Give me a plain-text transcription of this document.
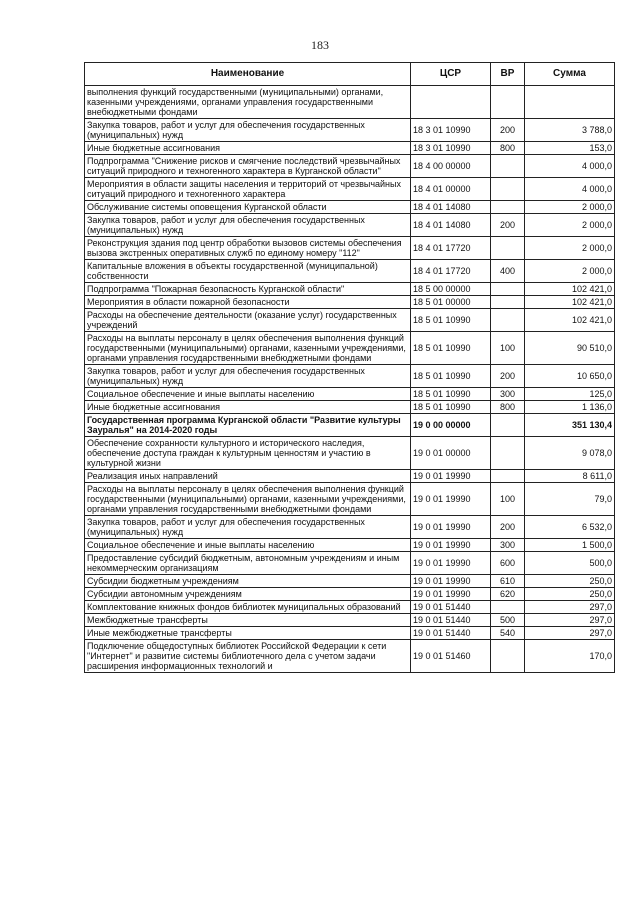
183
Наименование	ЦСР	ВР	Сумма
выполнения функций государственными (муниципальными) органами, казенными учреждениями, органами управления государственными внебюджетными фондами			
Закупка товаров, работ и услуг для обеспечения государственных (муниципальных) нужд	18 3 01 10990	200	3 788,0
Иные бюджетные ассигнования	18 3 01 10990	800	153,0
Подпрограмма "Снижение рисков и смягчение последствий чрезвычайных ситуаций природного и техногенного характера в Курганской области"	18 4 00 00000		4 000,0
Мероприятия в области защиты населения и территорий от чрезвычайных ситуаций природного и техногенного характера	18 4 01 00000		4 000,0
Обслуживание системы оповещения Курганской области	18 4 01 14080		2 000,0
Закупка товаров, работ и услуг для обеспечения государственных (муниципальных) нужд	18 4 01 14080	200	2 000,0
Реконструкция здания под центр обработки вызовов системы обеспечения вызова экстренных оперативных служб по единому номеру "112"	18 4 01 17720		2 000,0
Капитальные вложения в объекты государственной (муниципальной) собственности	18 4 01 17720	400	2 000,0
Подпрограмма "Пожарная безопасность Курганской области"	18 5 00 00000		102 421,0
Мероприятия в области пожарной безопасности	18 5 01 00000		102 421,0
Расходы на обеспечение деятельности (оказание услуг) государственных учреждений	18 5 01 10990		102 421,0
Расходы на выплаты персоналу в целях обеспечения выполнения функций государственными (муниципальными) органами, казенными учреждениями, органами управления государственными внебюджетными фондами	18 5 01 10990	100	90 510,0
Закупка товаров, работ и услуг для обеспечения государственных (муниципальных) нужд	18 5 01 10990	200	10 650,0
Социальное обеспечение и иные выплаты населению	18 5 01 10990	300	125,0
Иные бюджетные ассигнования	18 5 01 10990	800	1 136,0
Государственная программа Курганской области "Развитие культуры Зауралья" на 2014-2020 годы	19 0 00 00000		351 130,4
Обеспечение сохранности культурного и исторического наследия, обеспечение доступа граждан к культурным ценностям и участию в культурной жизни	19 0 01 00000		9 078,0
Реализация иных направлений	19 0 01 19990		8 611,0
Расходы на выплаты персоналу в целях обеспечения выполнения функций государственными (муниципальными) органами, казенными учреждениями, органами управления государственными внебюджетными фондами	19 0 01 19990	100	79,0
Закупка товаров, работ и услуг для обеспечения государственных (муниципальных) нужд	19 0 01 19990	200	6 532,0
Социальное обеспечение и иные выплаты населению	19 0 01 19990	300	1 500,0
Предоставление субсидий бюджетным, автономным учреждениям и иным некоммерческим организациям	19 0 01 19990	600	500,0
Субсидии бюджетным учреждениям	19 0 01 19990	610	250,0
Субсидии автономным учреждениям	19 0 01 19990	620	250,0
Комплектование книжных фондов библиотек муниципальных образований	19 0 01 51440		297,0
Межбюджетные трансферты	19 0 01 51440	500	297,0
Иные межбюджетные трансферты	19 0 01 51440	540	297,0
Подключение общедоступных библиотек Российской Федерации к сети "Интернет" и развитие системы библиотечного дела с учетом задачи расширения информационных технологий и	19 0 01 51460		170,0
